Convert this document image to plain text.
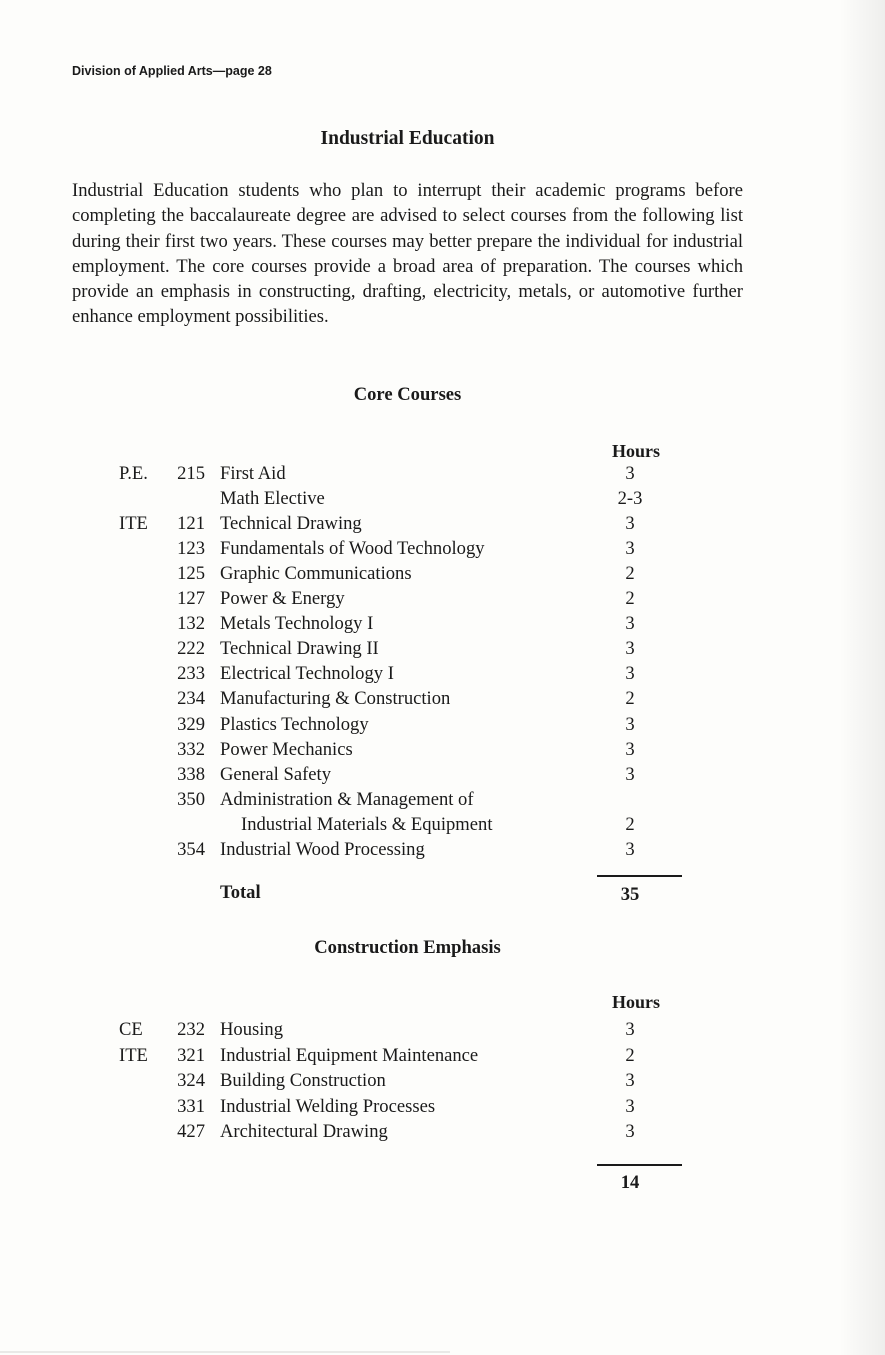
Division of Applied Arts—page 28
Industrial Education
Industrial Education students who plan to interrupt their academic programs before completing the baccalaureate degree are advised to select courses from the following list during their first two years. These courses may better prepare the individual for industrial employment. The core courses provide a broad area of preparation. The courses which provide an emphasis in constructing, drafting, electricity, metals, or automotive further enhance employment possibilities.
Core Courses
Hours
P.E.	215 First Aid	3
Math Elective	2-3
ITE	121 Technical Drawing	3
123 Fundamentals of Wood Technology	3
125 Graphic Communications	2
127 Power & Energy	2
132 Metals Technology I	3
222 Technical Drawing II	3
233 Electrical Technology I	3
234 Manufacturing & Construction	2
329 Plastics Technology	3
332 Power Mechanics	3
338 General Safety	3
350 Administration & Management of
Industrial Materials & Equipment	2
354 Industrial Wood Processing	3
Total	35
Construction Emphasis
Hours
CE	232 Housing	3
ITE	321 Industrial Equipment Maintenance	2
324 Building Construction	3
331 Industrial Welding Processes	3
427 Architectural Drawing	3
14
